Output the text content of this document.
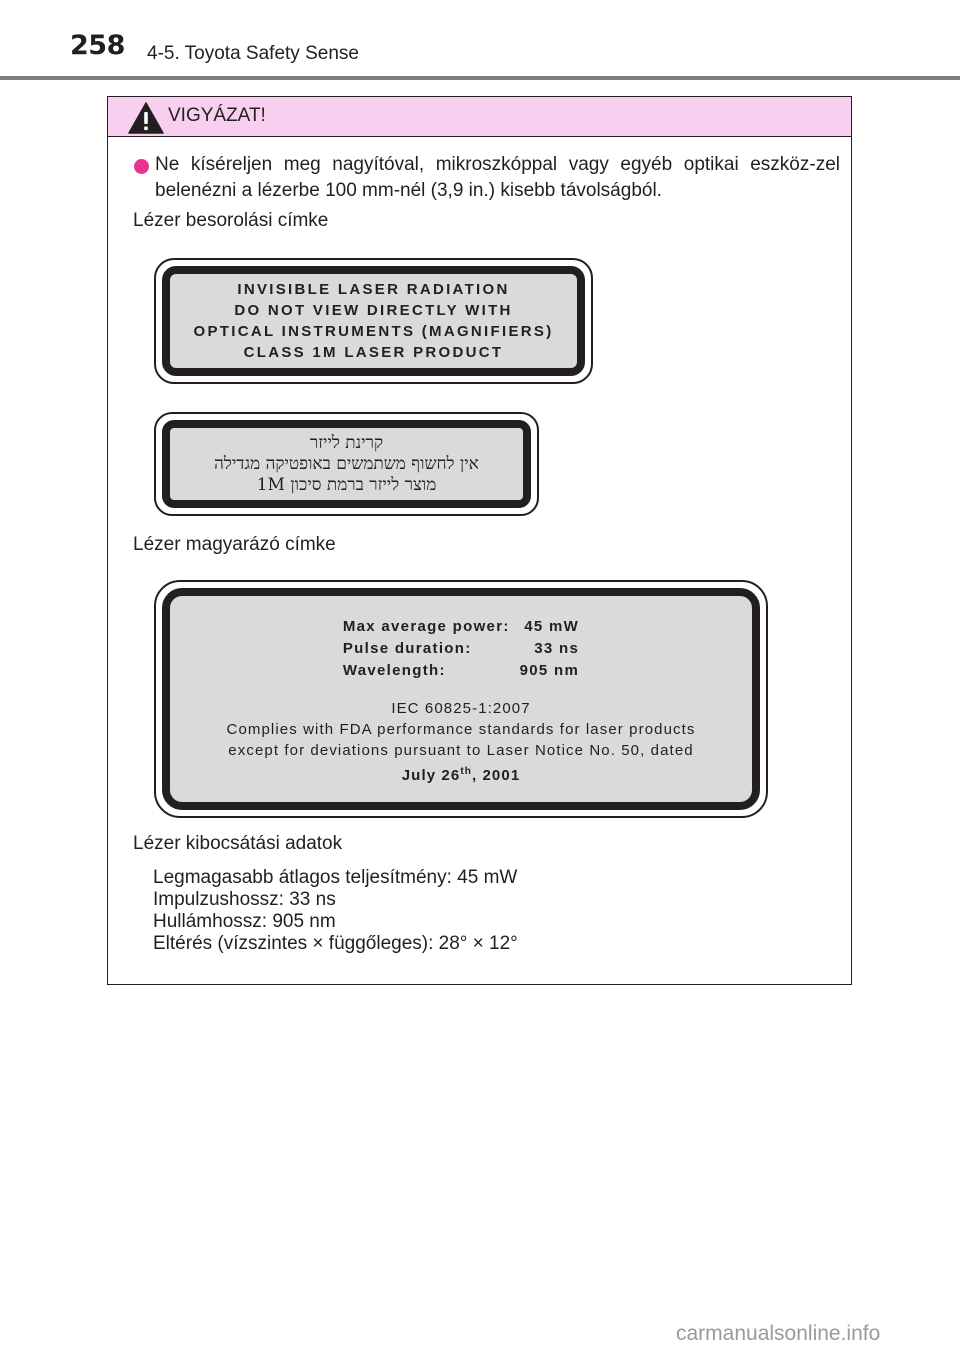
258 4-5. Toyota Safety Sense
VIGYÁZAT!
Ne kíséreljen meg nagyítóval, mikroszkóppal vagy egyéb optikai eszköz-zel belenézni a lézerbe 100 mm-nél (3,9 in.) kisebb távolságból.
Lézer besorolási címke
INVISIBLE LASER RADIATION
DO NOT VIEW DIRECTLY WITH
OPTICAL INSTRUMENTS (MAGNIFIERS)
CLASS 1M LASER PRODUCT
קרינת לייזר
אין לחשוף משתמשים באופטיקה מגדילה
מוצר לייזר ברמת סיכון 1M
Lézer magyarázó címke
Max average power:	45 mW
Pulse duration:	33 ns
Wavelength:	905 nm
IEC 60825-1:2007
Complies with FDA performance standards for laser products
except for deviations pursuant to Laser Notice No. 50, dated
July 26th, 2001
Lézer kibocsátási adatok
Legmagasabb átlagos teljesítmény: 45 mW
Impulzushossz: 33 ns
Hullámhossz: 905 nm
Eltérés (vízszintes × függőleges): 28° × 12°
carmanualsonline.info
